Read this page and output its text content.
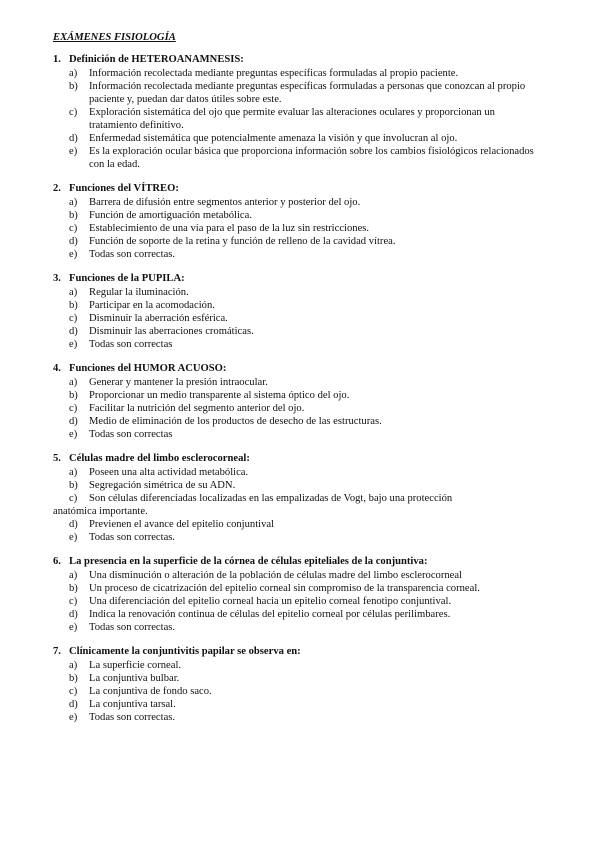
EXÁMENES FISIOLOGÍA
1. Definición de HETEROANAMNESIS:
a)	Información recolectada mediante preguntas específicas formuladas al propio paciente.
b)	Información recolectada mediante preguntas específicas formuladas a personas que conozcan al propio paciente y, puedan dar datos útiles sobre este.
c)	Exploración sistemática del ojo que permite evaluar las alteraciones oculares y proporcionan un tratamiento definitivo.
d)	Enfermedad sistemática que potencialmente amenaza la visión y que involucran al ojo.
e)	Es la exploración ocular básica que proporciona información sobre los cambios fisiológicos relacionados con la edad.
2. Funciones del VÍTREO:
a)	Barrera de difusión entre segmentos anterior y posterior del ojo.
b)	Función de amortiguación metabólica.
c)	Establecimiento de una vía para el paso de la luz sin restricciones.
d)	Función de soporte de la retina y función de relleno de la cavidad vítrea.
e)	Todas son correctas.
3. Funciones de la PUPILA:
a)	Regular la iluminación.
b)	Participar en la acomodación.
c)	Disminuir la aberración esférica.
d)	Disminuir las aberraciones cromáticas.
e)	Todas son correctas
4. Funciones del HUMOR ACUOSO:
a)	Generar y mantener la presión intraocular.
b)	Proporcionar un medio transparente al sistema óptico del ojo.
c)	Facilitar la nutrición del segmento anterior del ojo.
d)	Medio de eliminación de los productos de desecho de las estructuras.
e)	Todas son correctas
5. Células madre del limbo esclerocorneal:
a)	Poseen una alta actividad metabólica.
b)	Segregación simétrica de su ADN.
c) Son células diferenciadas localizadas en las empalizadas de Vogt, bajo una protección
anatómica importante.
d)	Previenen el avance del epitelio conjuntival
e)	Todas son correctas.
6. La presencia en la superficie de la córnea de células epiteliales de la conjuntiva:
a)	Una disminución o alteración de la población de células madre del limbo esclerocorneal
b)	Un proceso de cicatrización del epitelio corneal sin compromiso de la transparencia corneal.
c)	Una diferenciación del epitelio corneal hacia un epitelio corneal fenotipo conjuntival.
d)	Indica la renovación continua de células del epitelio corneal por células perilimbares.
e)	Todas son correctas.
7. Clínicamente la conjuntivitis papilar se observa en:
a)	La superficie corneal.
b)	La conjuntiva bulbar.
c)	La conjuntiva de fondo saco.
d)	La conjuntiva tarsal.
e)	Todas son correctas.
